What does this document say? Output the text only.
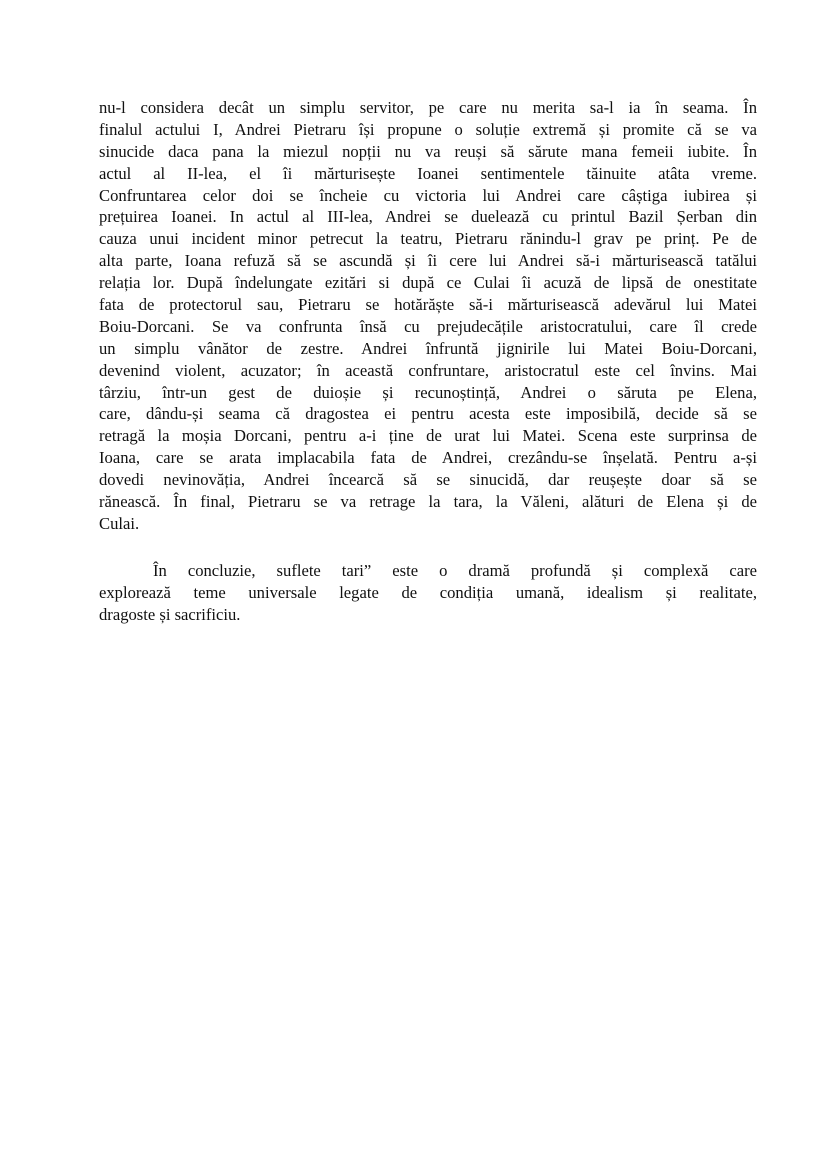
nu-l considera decât un simplu servitor, pe care nu merita sa-l ia în seama. În
finalul actului I, Andrei Pietraru își propune o soluție extremă și promite că se va
sinucide daca pana la miezul nopții nu va reuși să sărute mana femeii iubite. În
actul al II-lea, el îi mărturisește Ioanei sentimentele tăinuite atâta vreme.
Confruntarea celor doi se încheie cu victoria lui Andrei care câștiga iubirea și
prețuirea Ioanei. In actul al III-lea, Andrei se duelează cu printul Bazil Șerban din
cauza unui incident minor petrecut la teatru, Pietraru rănindu-l grav pe prinț. Pe de
alta parte, Ioana refuză să se ascundă și îi cere lui Andrei să-i mărturisească tatălui
relația lor. După îndelungate ezitări si după ce Culai îi acuză de lipsă de onestitate
fata de protectorul sau, Pietraru se hotărăște să-i mărturisească adevărul lui Matei
Boiu-Dorcani. Se va confrunta însă cu prejudecățile aristocratului, care îl crede
un simplu vânător de zestre. Andrei înfruntă jignirile lui Matei Boiu-Dorcani,
devenind violent, acuzator; în această confruntare, aristocratul este cel învins. Mai
târziu, într-un gest de duioșie și recunoștință, Andrei o săruta pe Elena,
care, dându-și seama că dragostea ei pentru acesta este imposibilă, decide să se
retragă la moșia Dorcani, pentru a-i ține de urat lui Matei. Scena este surprinsa de
Ioana, care se arata implacabila fata de Andrei, crezându-se înșelată. Pentru a-și
dovedi nevinovăția, Andrei încearcă să se sinucidă, dar reușește doar să se
rănească. În final, Pietraru se va retrage la tara, la Văleni, alături de Elena și de
Culai.
În concluzie, suflete tari” este o dramă profundă și complexă care
explorează teme universale legate de condiția umană, idealism și realitate,
dragoste și sacrificiu.
